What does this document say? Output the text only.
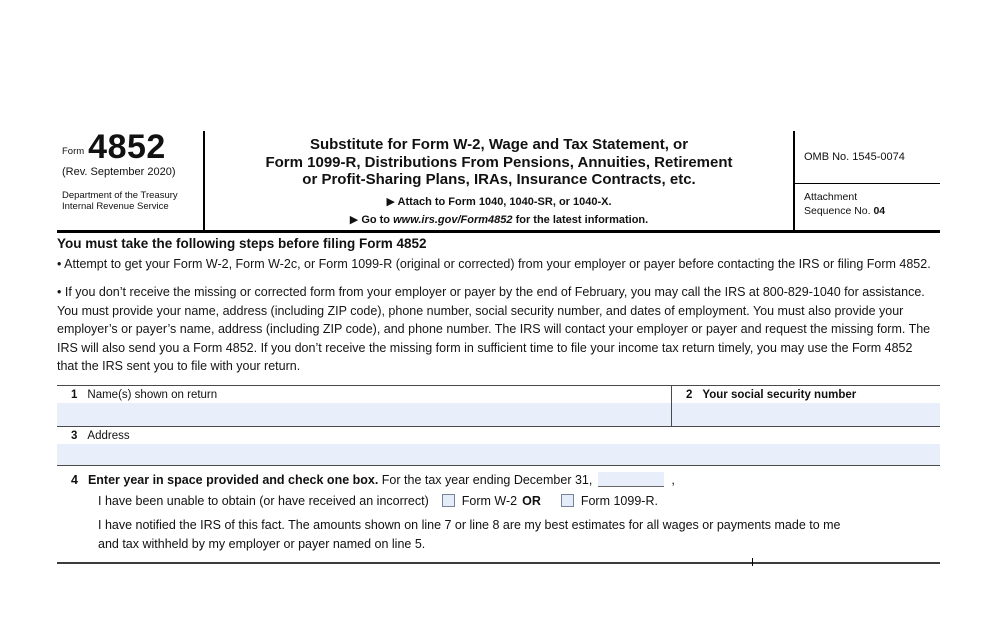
Form 4852
(Rev. September 2020)
Department of the Treasury
Internal Revenue Service
Substitute for Form W-2, Wage and Tax Statement, or
Form 1099-R, Distributions From Pensions, Annuities, Retirement
or Profit-Sharing Plans, IRAs, Insurance Contracts, etc.
▶ Attach to Form 1040, 1040-SR, or 1040-X.
▶ Go to www.irs.gov/Form4852 for the latest information.
OMB No. 1545-0074
Attachment
Sequence No. 04
You must take the following steps before filing Form 4852
• Attempt to get your Form W-2, Form W-2c, or Form 1099-R (original or corrected) from your employer or payer before contacting the IRS or filing Form 4852.
• If you don’t receive the missing or corrected form from your employer or payer by the end of February, you may call the IRS at 800-829-1040 for assistance. You must provide your name, address (including ZIP code), phone number, social security number, and dates of employment. You must also provide your employer’s or payer’s name, address (including ZIP code), and phone number. The IRS will contact your employer or payer and request the missing form. The IRS will also send you a Form 4852. If you don’t receive the missing form in sufficient time to file your income tax return timely, you may use the Form 4852 that the IRS sent you to file with your return.
1 Name(s) shown on return	2 Your social security number
3 Address
4 Enter year in space provided and check one box. For the tax year ending December 31,	,
I have been unable to obtain (or have received an incorrect)	Form W-2 OR	Form 1099-R.
I have notified the IRS of this fact. The amounts shown on line 7 or line 8 are my best estimates for all wages or payments made to me and tax withheld by my employer or payer named on line 5.
